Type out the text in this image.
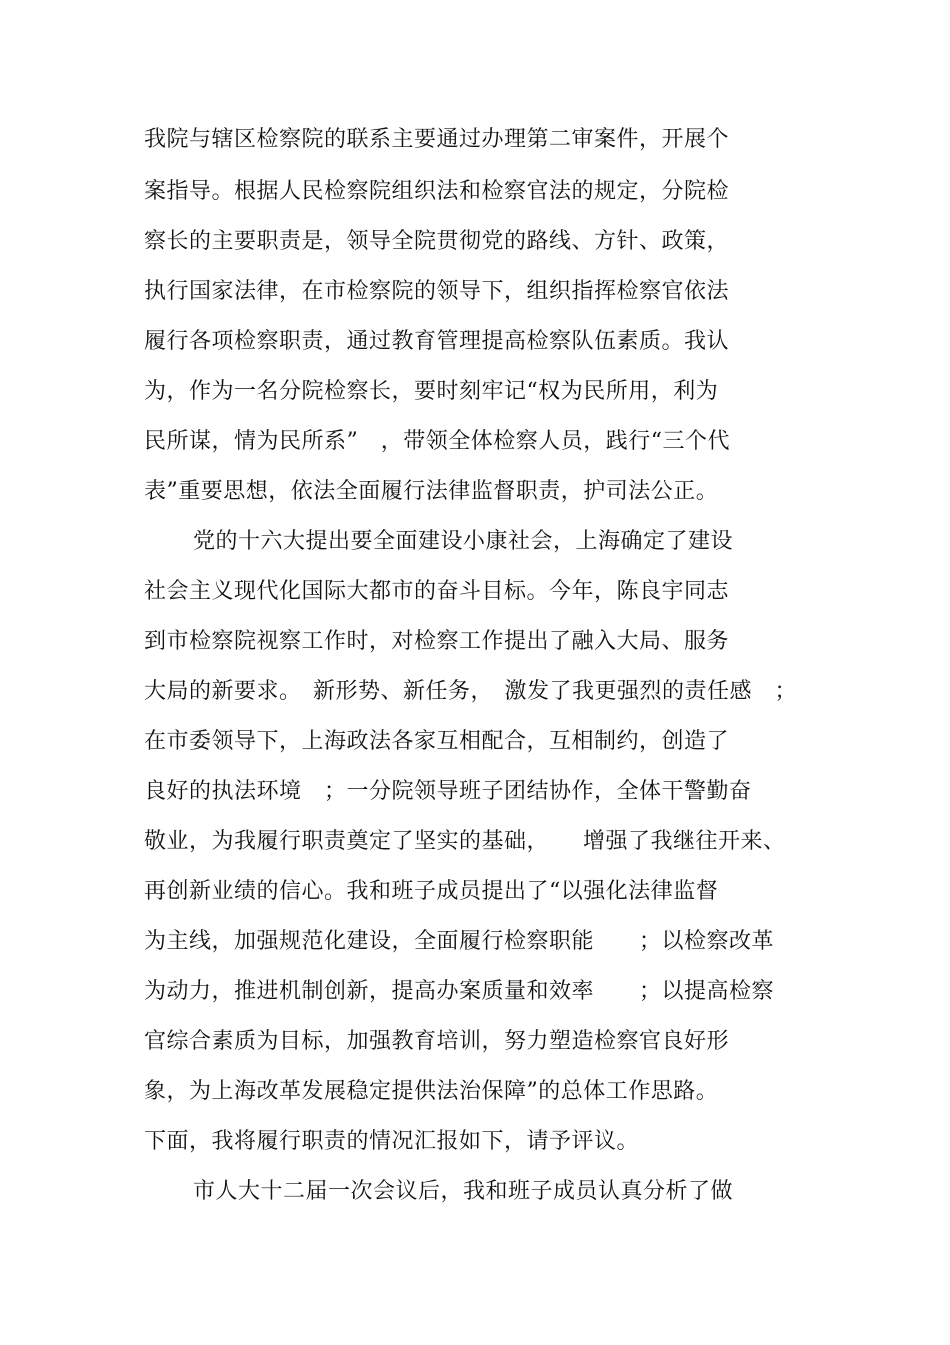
我院与辖区检察院的联系主要通过办理第二审案件，开展个
案指导。根据人民检察院组织法和检察官法的规定，分院检
察长的主要职责是，领导全院贯彻党的路线、方针、政策，
执行国家法律，在市检察院的领导下，组织指挥检察官依法
履行各项检察职责，通过教育管理提高检察队伍素质。我认
为，作为一名分院检察长，要时刻牢记“权为民所用，利为
民所谋，情为民所系”　，带领全体检察人员，践行“三个代
表”重要思想，依法全面履行法律监督职责，护司法公正。
党的十六大提出要全面建设小康社会，上海确定了建设
社会主义现代化国际大都市的奋斗目标。今年，陈良宇同志
到市检察院视察工作时，对检察工作提出了融入大局、服务
大局的新要求。　新形势、新任务，　激发了我更强烈的责任感　；
在市委领导下，上海政法各家互相配合，互相制约，创造了
良好的执法环境　；一分院领导班子团结协作，全体干警勤奋
敬业，为我履行职责奠定了坚实的基础，　　增强了我继往开来、
再创新业绩的信心。我和班子成员提出了“以强化法律监督
为主线，加强规范化建设，全面履行检察职能　　；以检察改革
为动力，推进机制创新，提高办案质量和效率　　；以提高检察
官综合素质为目标，加强教育培训，努力塑造检察官良好形
象，为上海改革发展稳定提供法治保障”的总体工作思路。
下面，我将履行职责的情况汇报如下，请予评议。
市人大十二届一次会议后，我和班子成员认真分析了做
